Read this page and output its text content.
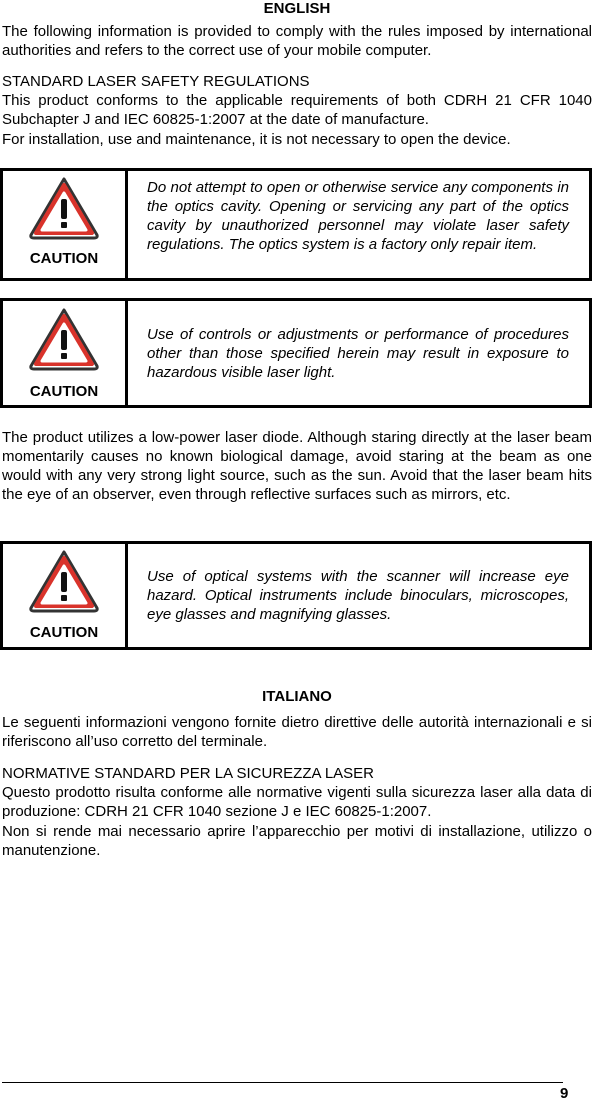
ENGLISH

The following information is provided to comply with the rules imposed by international authorities and refers to the correct use of your mobile computer.

STANDARD LASER SAFETY REGULATIONS

This product conforms to the applicable requirements of both CDRH 21 CFR 1040 Subchapter J and IEC 60825-1:2007 at the date of manufacture.

For installation, use and maintenance, it is not necessary to open the device.

CAUTION
Do not attempt to open or otherwise service any components in the optics cavity. Opening or servicing any part of the optics cavity by unauthorized personnel may violate laser safety regulations. The optics system is a factory only repair item.
CAUTION
Use of controls or adjustments or performance of procedures other than those specified herein may result in exposure to hazardous visible laser light.

The product utilizes a low-power laser diode. Although staring directly at the laser beam momentarily causes no known biological damage, avoid staring at the beam as one would with any very strong light source, such as the sun. Avoid that the laser beam hits the eye of an observer, even through reflective surfaces such as mirrors, etc.

CAUTION
Use of optical systems with the scanner will increase eye hazard. Optical instruments include binoculars, microscopes, eye glasses and magnifying glasses.
ITALIANO

Le seguenti informazioni vengono fornite dietro direttive delle autorità internazionali e si riferiscono all’uso corretto del terminale.

NORMATIVE STANDARD PER LA SICUREZZA LASER

Questo prodotto risulta conforme alle normative vigenti sulla sicurezza laser alla data di produzione: CDRH 21 CFR 1040 sezione J e IEC 60825-1:2007.

Non si rende mai necessario aprire l’apparecchio per motivi di installazione, utilizzo o manutenzione.

9
